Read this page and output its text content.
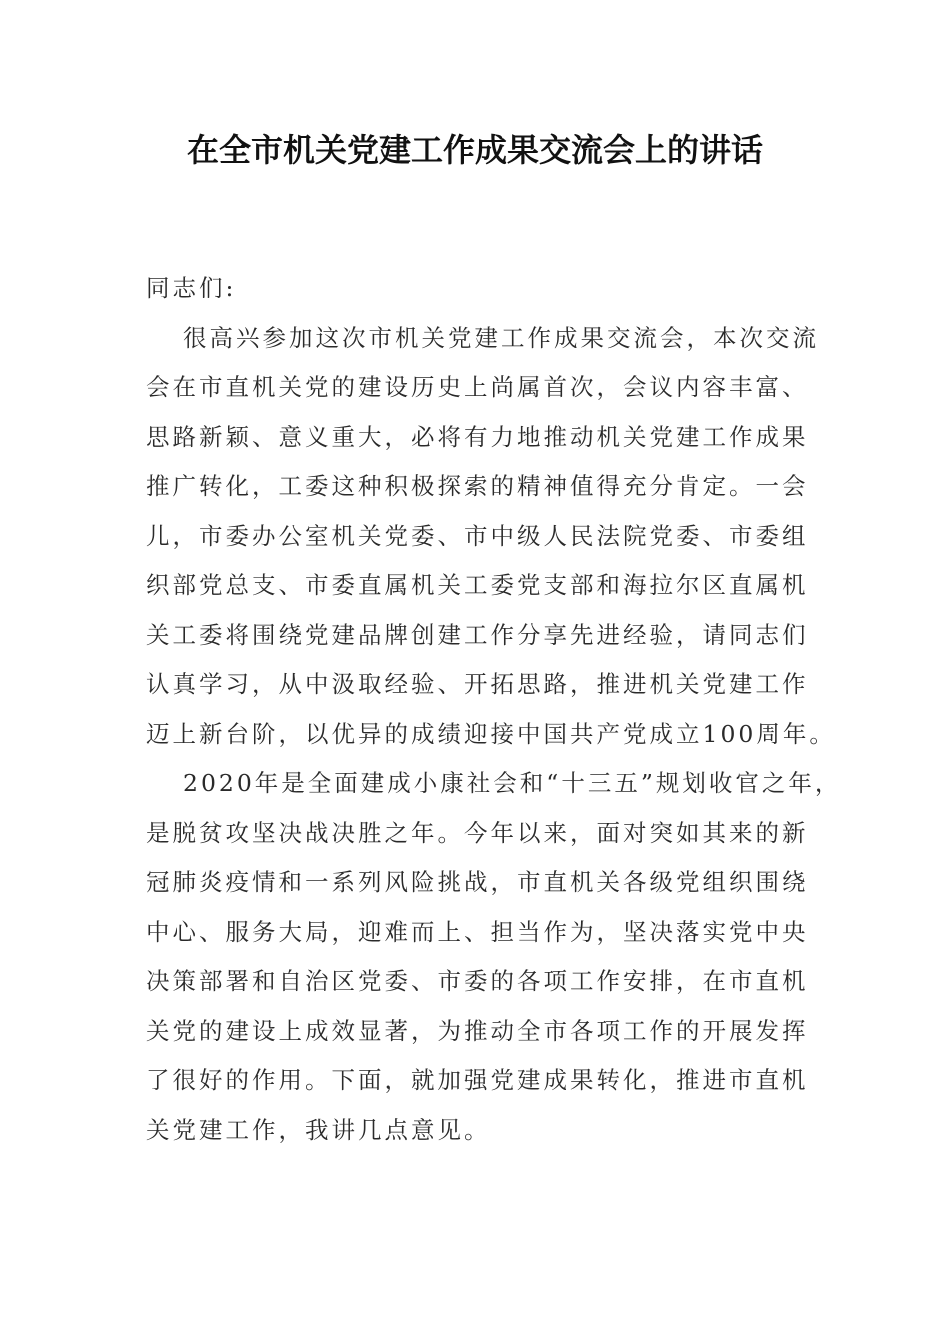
在全市机关党建工作成果交流会上的讲话
同志们:
很高兴参加这次市机关党建工作成果交流会，本次交流
会在市直机关党的建设历史上尚属首次，会议内容丰富、
思路新颖、意义重大，必将有力地推动机关党建工作成果
推广转化，工委这种积极探索的精神值得充分肯定。一会
儿，市委办公室机关党委、市中级人民法院党委、市委组
织部党总支、市委直属机关工委党支部和海拉尔区直属机
关工委将围绕党建品牌创建工作分享先进经验，请同志们
认真学习，从中汲取经验、开拓思路，推进机关党建工作
迈上新台阶，以优异的成绩迎接中国共产党成立100周年。
2020年是全面建成小康社会和“十三五”规划收官之年，
是脱贫攻坚决战决胜之年。今年以来，面对突如其来的新
冠肺炎疫情和一系列风险挑战，市直机关各级党组织围绕
中心、服务大局，迎难而上、担当作为，坚决落实党中央
决策部署和自治区党委、市委的各项工作安排，在市直机
关党的建设上成效显著，为推动全市各项工作的开展发挥
了很好的作用。下面，就加强党建成果转化，推进市直机
关党建工作，我讲几点意见。
